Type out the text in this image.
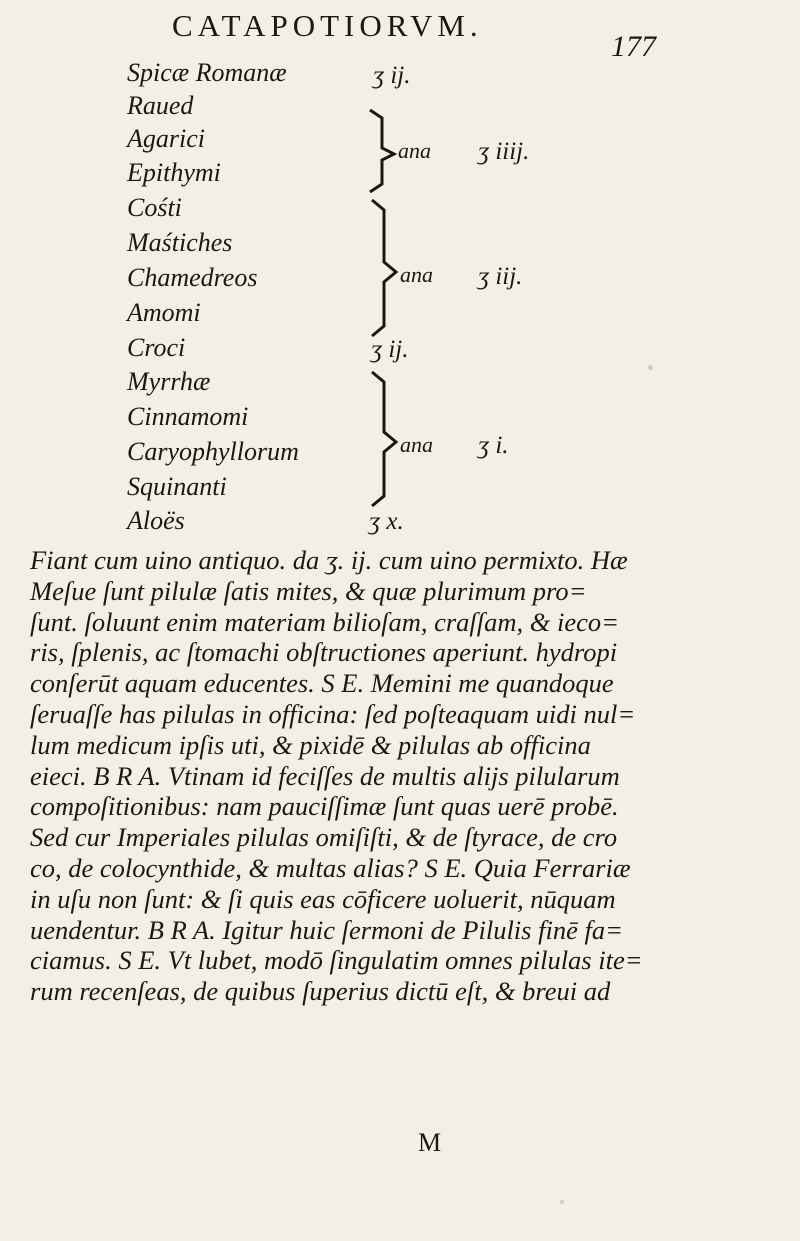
CATAPOTIORVM.
177
Spicæ Romanæ
Raued
Agarici
Epithymi
Cośti
Maśtiches
Chamedreos
Amomi
Croci
Myrrhæ
Cinnamomi
Caryophyllorum
Squinanti
Aloës
ʒ ij.
ʒ ij.
ʒ x.
ana ʒ iiij.
ana ʒ iij.
ana ʒ i.
Fiant cum uino antiquo. da ʒ. ij. cum uino permixto. Hæ
Meſue ſunt pilulæ ſatis mites, & quæ plurimum pro=
ſunt. ſoluunt enim materiam bilioſam, craſſam, & ieco=
ris, ſplenis, ac ſtomachi obſtructiones aperiunt. hydropi
conſerūt aquam educentes. S E. Memini me quandoque
ſeruaſſe has pilulas in officina: ſed poſteaquam uidi nul=
lum medicum ipſis uti, & pixidē & pilulas ab officina
eieci. B R A. Vtinam id feciſſes de multis alijs pilularum
compoſitionibus: nam pauciſſimæ ſunt quas uerē probē.
Sed cur Imperiales pilulas omiſiſti, & de ſtyrace, de cro
co, de colocynthide, & multas alias? S E. Quia Ferrariæ
in uſu non ſunt: & ſi quis eas cōficere uoluerit, nūquam
uendentur. B R A. Igitur huic ſermoni de Pilulis finē fa=
ciamus. S E. Vt lubet, modō ſingulatim omnes pilulas ite=
rum recenſeas, de quibus ſuperius dictū eſt, & breui ad
M
